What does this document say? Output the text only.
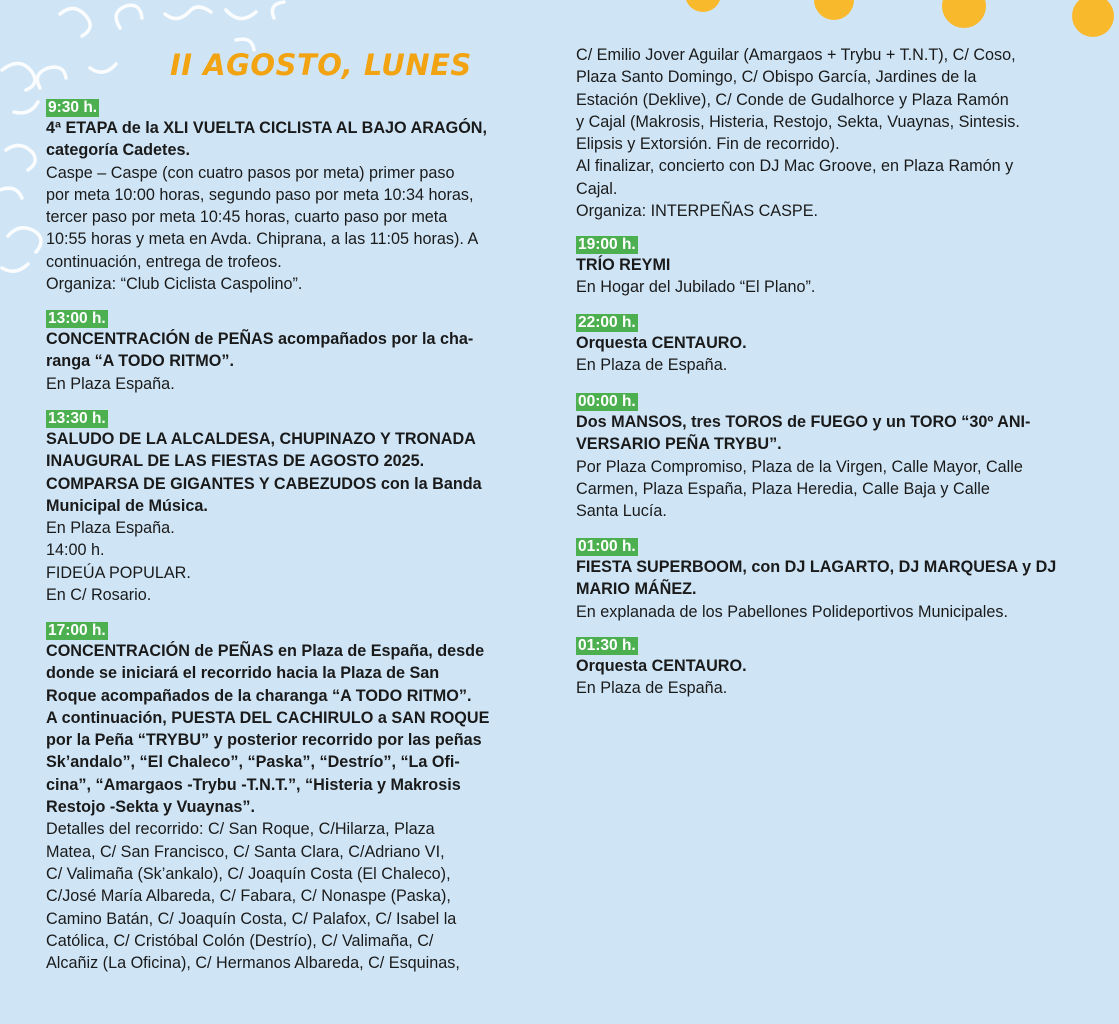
II AGOSTO, LUNES
9:30 h.
4ª ETAPA de la XLI VUELTA CICLISTA AL BAJO ARAGÓN,
categoría Cadetes.
Caspe – Caspe (con cuatro pasos por meta) primer paso
por meta 10:00 horas, segundo paso por meta 10:34 horas,
tercer paso por meta 10:45 horas, cuarto paso por meta
10:55 horas y meta en Avda. Chiprana, a las 11:05 horas). A
continuación, entrega de trofeos.
Organiza: “Club Ciclista Caspolino”.
13:00 h.
CONCENTRACIÓN de PEÑAS acompañados por la cha-
ranga “A TODO RITMO”.
En Plaza España.
13:30 h.
SALUDO DE LA ALCALDESA, CHUPINAZO Y TRONADA
INAUGURAL DE LAS FIESTAS DE AGOSTO 2025.
COMPARSA DE GIGANTES Y CABEZUDOS con la Banda
Municipal de Música.
En Plaza España.
14:00 h.
FIDEÚA POPULAR.
En C/ Rosario.
17:00 h.
CONCENTRACIÓN de PEÑAS en Plaza de España, desde
donde se iniciará el recorrido hacia la Plaza de San
Roque acompañados de la charanga “A TODO RITMO”.
A continuación, PUESTA DEL CACHIRULO a SAN ROQUE
por la Peña “TRYBU” y posterior recorrido por las peñas
Sk’andalo”, “El Chaleco”, “Paska”, “Destrío”, “La Ofi-
cina”, “Amargaos -Trybu -T.N.T.”, “Histeria y Makrosis
Restojo -Sekta y Vuaynas”.
Detalles del recorrido: C/ San Roque, C/Hilarza, Plaza
Matea, C/ San Francisco, C/ Santa Clara, C/Adriano VI,
C/ Valimaña (Sk’ankalo), C/ Joaquín Costa (El Chaleco),
C/José María Albareda, C/ Fabara, C/ Nonaspe (Paska),
Camino Batán, C/ Joaquín Costa, C/ Palafox, C/ Isabel la
Católica, C/ Cristóbal Colón (Destrío), C/ Valimaña, C/
Alcañiz (La Oficina), C/ Hermanos Albareda, C/ Esquinas,
C/ Emilio Jover Aguilar (Amargaos + Trybu + T.N.T), C/ Coso,
Plaza Santo Domingo, C/ Obispo García, Jardines de la
Estación (Deklive), C/ Conde de Gudalhorce y Plaza Ramón
y Cajal (Makrosis, Histeria, Restojo, Sekta, Vuaynas, Sintesis.
Elipsis y Extorsión. Fin de recorrido).
Al finalizar, concierto con DJ Mac Groove, en Plaza Ramón y
Cajal.
Organiza: INTERPEÑAS CASPE.
19:00 h.
TRÍO REYMI
En Hogar del Jubilado “El Plano”.
22:00 h.
Orquesta CENTAURO.
En Plaza de España.
00:00 h.
Dos MANSOS, tres TOROS de FUEGO y un TORO “30º ANI-
VERSARIO PEÑA TRYBU”.
Por Plaza Compromiso, Plaza de la Virgen, Calle Mayor, Calle
Carmen, Plaza España, Plaza Heredia, Calle Baja y Calle
Santa Lucía.
01:00 h.
FIESTA SUPERBOOM, con DJ LAGARTO, DJ MARQUESA y DJ
MARIO MÁÑEZ.
En explanada de los Pabellones Polideportivos Municipales.
01:30 h.
Orquesta CENTAURO.
En Plaza de España.
